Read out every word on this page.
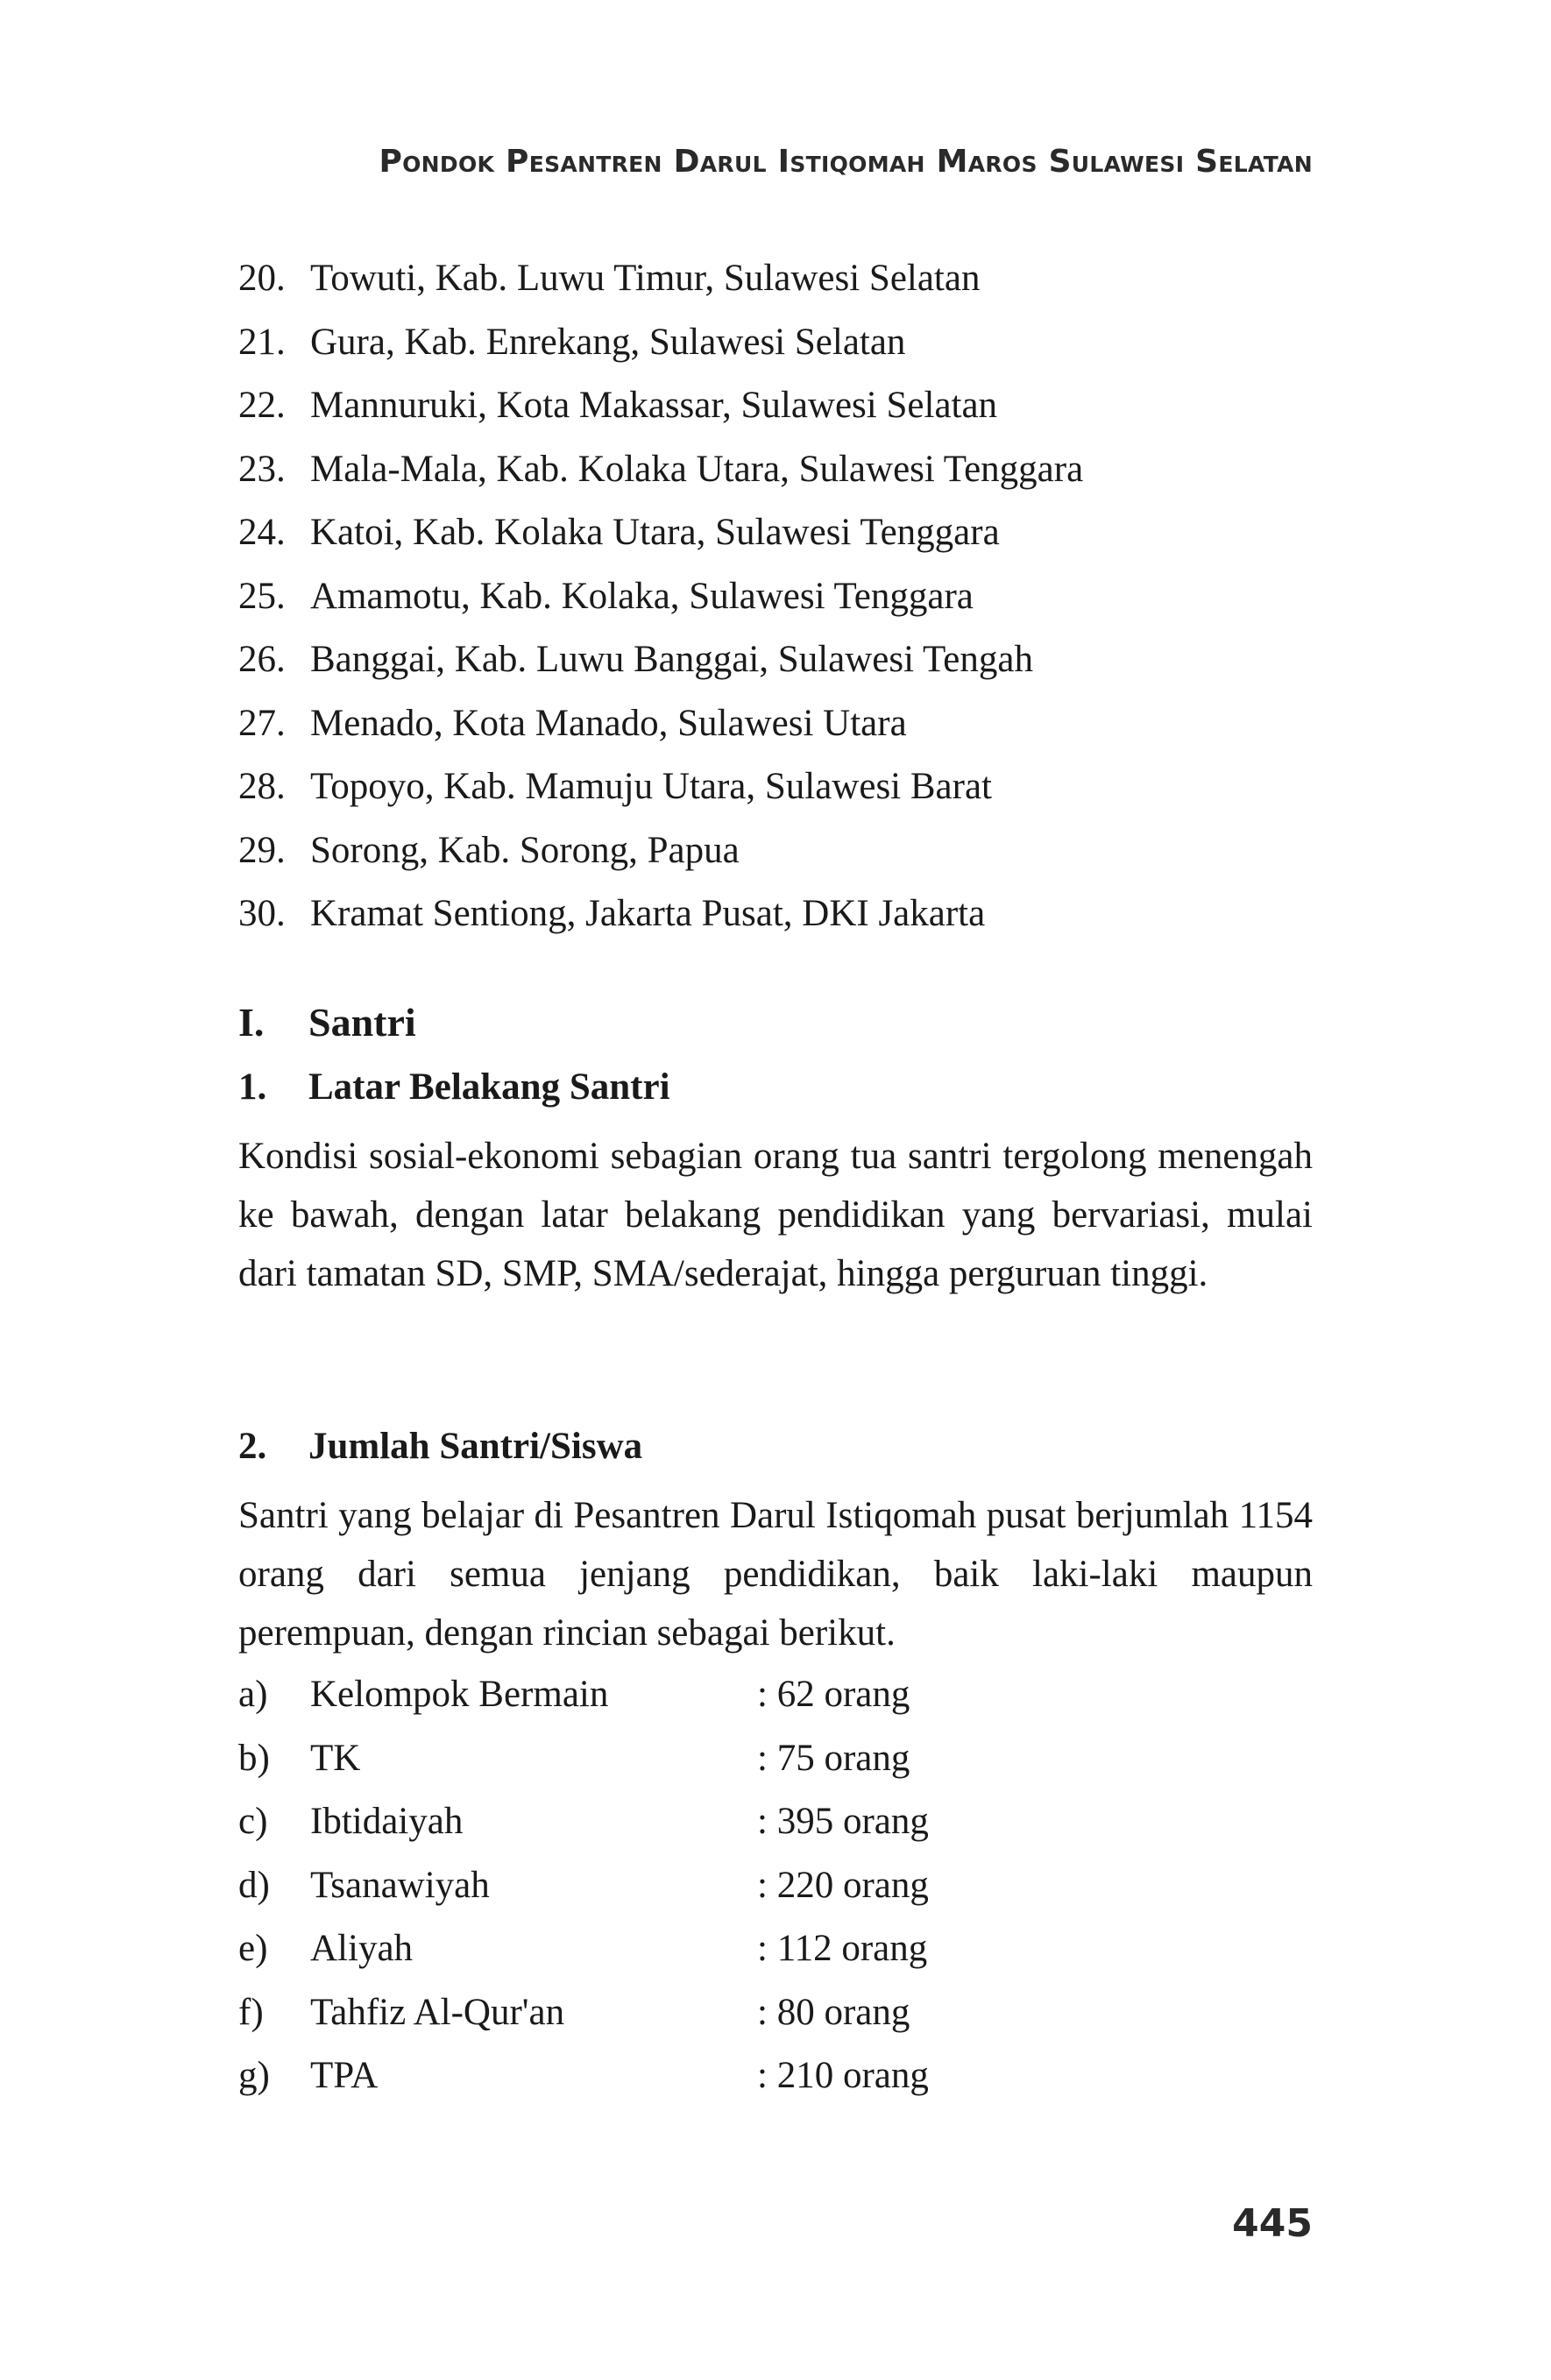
Pondok Pesantren Darul Istiqomah Maros Sulawesi Selatan
20. Towuti, Kab. Luwu Timur, Sulawesi Selatan
21. Gura, Kab. Enrekang, Sulawesi Selatan
22. Mannuruki, Kota Makassar, Sulawesi Selatan
23. Mala-Mala, Kab. Kolaka Utara, Sulawesi Tenggara
24. Katoi, Kab. Kolaka Utara, Sulawesi Tenggara
25. Amamotu, Kab. Kolaka, Sulawesi Tenggara
26. Banggai, Kab. Luwu Banggai, Sulawesi Tengah
27. Menado, Kota Manado, Sulawesi Utara
28. Topoyo, Kab. Mamuju Utara, Sulawesi Barat
29. Sorong, Kab. Sorong, Papua
30. Kramat Sentiong, Jakarta Pusat, DKI Jakarta
I. Santri
1. Latar Belakang Santri

Kondisi sosial-ekonomi sebagian orang tua santri tergolong menengah ke bawah, dengan latar belakang pendidikan yang bervariasi, mulai dari tamatan SD, SMP, SMA/sederajat, hingga perguruan tinggi.

2. Jumlah Santri/Siswa

Santri yang belajar di Pesantren Darul Istiqomah pusat berjumlah 1154 orang dari semua jenjang pendidikan, baik laki-laki maupun perempuan, dengan rincian sebagai berikut.

a) Kelompok Bermain	: 62 orang
b) TK	: 75 orang
c) Ibtidaiyah	: 395 orang
d) Tsanawiyah	: 220 orang
e) Aliyah	: 112 orang
f) Tahfiz Al-Qur'an	: 80 orang
g) TPA	: 210 orang
445
